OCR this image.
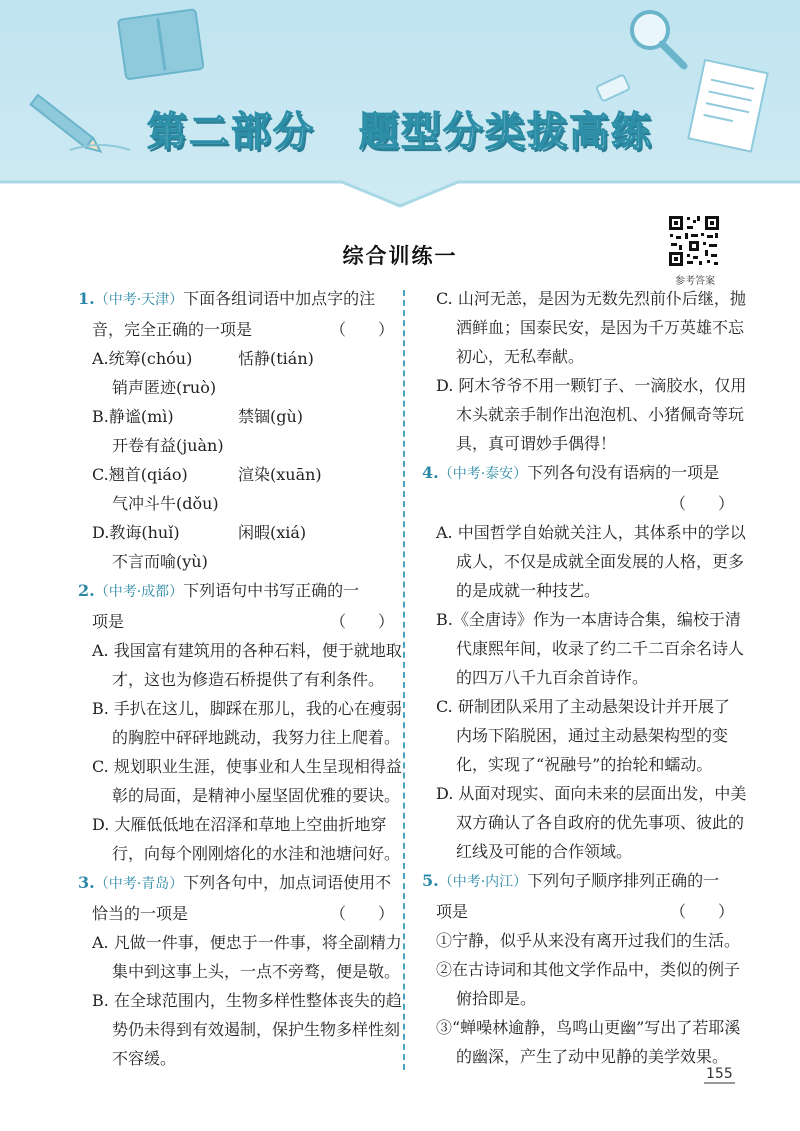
第二部分 题型分类拔高练
综合训练一
参考答案
1.（中考·天津）下面各组词语中加点字的注
音，完全正确的一项是	（　　）
A.统筹(chóu)	恬静(tián)
销声匿迹(ruò)
B.静谧(mì)	禁锢(gù)
开卷有益(juàn)
C.翘首(qiáo)	渲染(xuān)
气冲斗牛(dǒu)
D.教诲(huǐ)	闲暇(xiá)
不言而喻(yù)
2.（中考·成都）下列语句中书写正确的一
项是	（　　）
A. 我国富有建筑用的各种石料，便于就地取
才，这也为修造石桥提供了有利条件。
B. 手扒在这儿，脚踩在那儿，我的心在瘦弱
的胸腔中砰砰地跳动，我努力往上爬着。
C. 规划职业生涯，使事业和人生呈现相得益
彰的局面，是精神小屋坚固优雅的要诀。
D. 大雁低低地在沼泽和草地上空曲折地穿
行，向每个刚刚熔化的水洼和池塘问好。
3.（中考·青岛）下列各句中，加点词语使用不
恰当的一项是	（　　）
A. 凡做一件事，便忠于一件事，将全副精力
集中到这事上头，一点不旁骛，便是敬。
B. 在全球范围内，生物多样性整体丧失的趋
势仍未得到有效遏制，保护生物多样性刻
不容缓。
C. 山河无恙，是因为无数先烈前仆后继，抛
洒鲜血；国泰民安，是因为千万英雄不忘
初心，无私奉献。
D. 阿木爷爷不用一颗钉子、一滴胶水，仅用
木头就亲手制作出泡泡机、小猪佩奇等玩
具，真可谓妙手偶得！
4.（中考·泰安）下列各句没有语病的一项是
（　　）

A. 中国哲学自始就关注人，其体系中的学以
成人，不仅是成就全面发展的人格，更多
的是成就一种技艺。
B.《全唐诗》作为一本唐诗合集，编校于清
代康熙年间，收录了约二千二百余名诗人
的四万八千九百余首诗作。
C. 研制团队采用了主动悬架设计并开展了
内场下陷脱困，通过主动悬架构型的变
化，实现了“祝融号”的抬轮和蠕动。
D. 从面对现实、面向未来的层面出发，中美
双方确认了各自政府的优先事项、彼此的
红线及可能的合作领域。
5.（中考·内江）下列句子顺序排列正确的一
项是	（　　）
①宁静，似乎从来没有离开过我们的生活。
②在古诗词和其他文学作品中，类似的例子
俯拾即是。
③“蝉噪林逾静，鸟鸣山更幽”写出了若耶溪
的幽深，产生了动中见静的美学效果。
155
